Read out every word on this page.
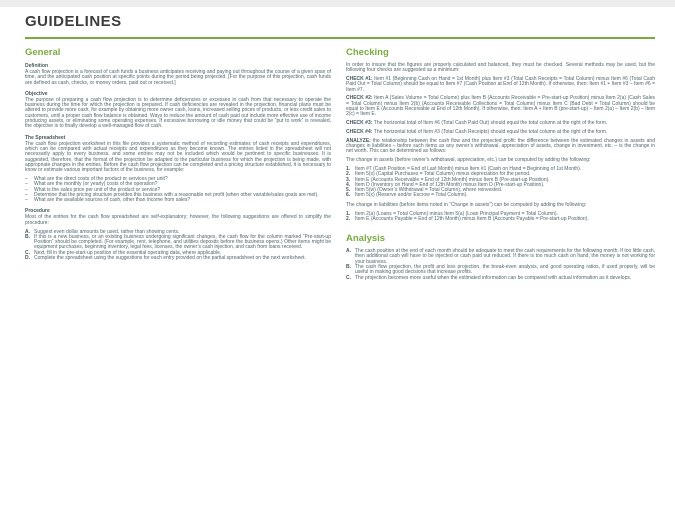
GUIDELINES
General
Definition

A cash flow projection is a forecast of cash funds a business anticipates receiving and paying out throughout the course of a given span of time, and the anticipated cash position at specific points during the period being projected. [For the purpose of this projection, cash funds are defined as cash, checks, or money orders, paid out or received.]

Objective

The purpose of preparing a cash flow projection is to determine deficiencies or excesses in cash from that necessary to operate the business during the time for which the projection is prepared. If cash deficiencies are revealed in the projection, financial plans must be altered to provide more cash, for example by obtaining more owner cash, loans, increased selling prices of products, or less credit sales to customers, until a proper cash flow balance is obtained. Ways to reduce the amount of cash paid out include more effective use of income producing assets, or eliminating some operating expenses. If excessive borrowing or idle money that could be “put to work” is revealed, the objective is to finally develop a well-managed flow of cash.

The Spreadsheet

The cash flow projection worksheet in this file provides a systematic method of recording estimates of cash receipts and expenditures, which can be compared with actual receipts and expenditures as they become known. The entries listed in the spreadsheet will not necessarily apply to every business, and some entries may not be included which would be pertinent to specific businesses. It is suggested, therefore, that the format of the projection be adapted to the particular business for which the projection is being made, with appropriate changes in the entries. Before the cash flow projection can be completed and a pricing structure established, it is necessary to know or estimate various important factors of the business, for example:

–	What are the direct costs of the product or services per unit?
–	What are the monthly (or yearly) costs of the operation?
–	What is the sales price per unit of the product or service?
–	Determine that the pricing structure provides this business with a reasonable net profit (when other variable/sales goals are met).
–	What are the available sources of cash, other than income from sales?
Procedure

Most of the entries for the cash flow spreadsheet are self-explanatory; however, the following suggestions are offered to simplify the procedure:

A. Suggest even dollar amounts be used, rather than showing cents.
B. If this is a new business, or an existing business undergoing significant changes, the cash flow for the column marked “Pre-start-up Position” should be completed. (For example, rent, telephone, and utilities deposits before the business opens.) Other items might be equipment purchases, beginning inventory, legal fees, licenses, the owner’s cash injection, and cash from loans received.
C. Next, fill in the pre-start-up position of the essential operating data, where applicable.
D. Complete the spreadsheet using the suggestions for each entry provided on the partial spreadsheet on the next worksheet.
Checking

In order to insure that the figures are properly calculated and balanced, they must be checked. Several methods may be used, but the following four checks are suggested as a minimum:

CHECK #1: Item #1 (Beginning Cash on Hand = 1st Month) plus Item #3 (Total Cash Receipts = Total Column) minus Item #6 (Total Cash Paid Out = Total Column) should be equal to Item #7 (Cash Position at End of 12th Month). If otherwise, then: Item #1 + Item #3 – Item #6 = Item #7.

CHECK #2: Item A (Sales Volume = Total Column) plus Item B (Accounts Receivable = Pre-start-up Position) minus Item 2(a) (Cash Sales = Total Column) minus Item 2(b) (Accounts Receivable Collections = Total Column) minus Item C (Bad Debt = Total Column) should be equal to Item E (Accounts Receivable at End of 12th Month). If otherwise, then: Item A + Item B (pre-start-up) – Item 2(a) – Item 2(b) – Item 2(c) = Item E.

CHECK #3: The horizontal total of Item #6 (Total Cash Paid Out) should equal the total column at the right of the form.

CHECK #4: The horizontal total of Item #3 (Total Cash Receipts) should equal the total column at the right of the form.

ANALYZE: the relationship between the cash flow and the projected profit: the difference between the estimated changes in assets and changes in liabilities – before such items as any owner’s withdrawal, appreciation of assets, change in investment, etc. – is the change in net worth. This can be determined as follows:

The change in assets (before owner’s withdrawal, appreciation, etc.) can be computed by adding the following:

1. Item #7 (Cash Position = End of Last Month) minus Item #1 (Cash on Hand = Beginning of 1st Month).
2. Item 5(s) (Capital Purchases = Total Column) minus depreciation for the period.
3. Item E (Accounts Receivable = End of 12th Month) minus Item B (Pre-start-up Position).
4. Item D (Inventory on Hand = End of 12th Month) minus Item D (Pre-start-up Position).
5. Item 5(w) (Owner’s Withdrawal = Total Column), where reinvested.
6. Item 5(x) (Reserve and/or Escrow = Total Column).

The change in liabilities (before items noted in “Change in assets”) can be computed by adding the following:

1. Item 2(a) (Loans = Total Column) minus Item 5(a) (Loan Principal Payment = Total Column).
2. Item E (Accounts Payable = End of 12th Month) minus Item B (Accounts Payable = Pre-start-up Position).
Analysis
A. The cash position at the end of each month should be adequate to meet the cash requirements for the following month. If too little cash, then additional cash will have to be injected or cash paid out reduced. If there is too much cash on hand, the money is not working for your business.
B. The cash flow projection, the profit and loss projection, the break-even analysis, and good operating ratios, if used properly, will be useful in making good decisions that increase profits.
C. The projection becomes more useful when the estimated information can be compared with actual information as it develops.
